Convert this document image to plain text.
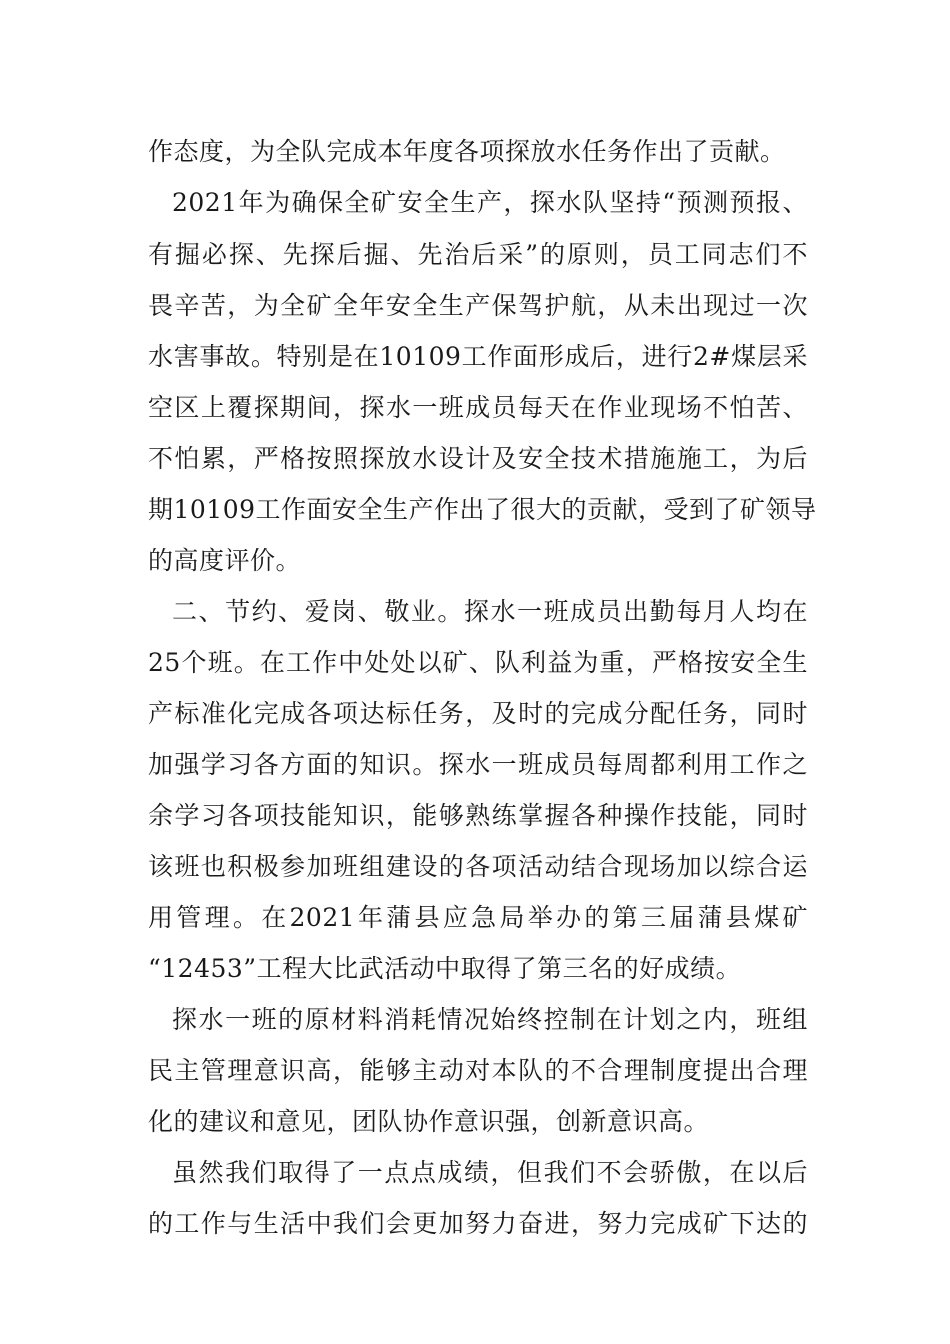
作态度，为全队完成本年度各项探放水任务作出了贡献。
2021年为确保全矿安全生产，探水队坚持“预测预报、
有掘必探、先探后掘、先治后采”的原则，员工同志们不
畏辛苦，为全矿全年安全生产保驾护航，从未出现过一次
水害事故。特别是在10109工作面形成后，进行2#煤层采
空区上覆探期间，探水一班成员每天在作业现场不怕苦、
不怕累，严格按照探放水设计及安全技术措施施工，为后
期10109工作面安全生产作出了很大的贡献，受到了矿领导
的高度评价。
二、节约、爱岗、敬业。探水一班成员出勤每月人均在
25个班。在工作中处处以矿、队利益为重，严格按安全生
产标准化完成各项达标任务，及时的完成分配任务，同时
加强学习各方面的知识。探水一班成员每周都利用工作之
余学习各项技能知识，能够熟练掌握各种操作技能，同时
该班也积极参加班组建设的各项活动结合现场加以综合运
用管理。在2021年蒲县应急局举办的第三届蒲县煤矿
“12453”工程大比武活动中取得了第三名的好成绩。
探水一班的原材料消耗情况始终控制在计划之内，班组
民主管理意识高，能够主动对本队的不合理制度提出合理
化的建议和意见，团队协作意识强，创新意识高。
虽然我们取得了一点点成绩，但我们不会骄傲，在以后
的工作与生活中我们会更加努力奋进，努力完成矿下达的
